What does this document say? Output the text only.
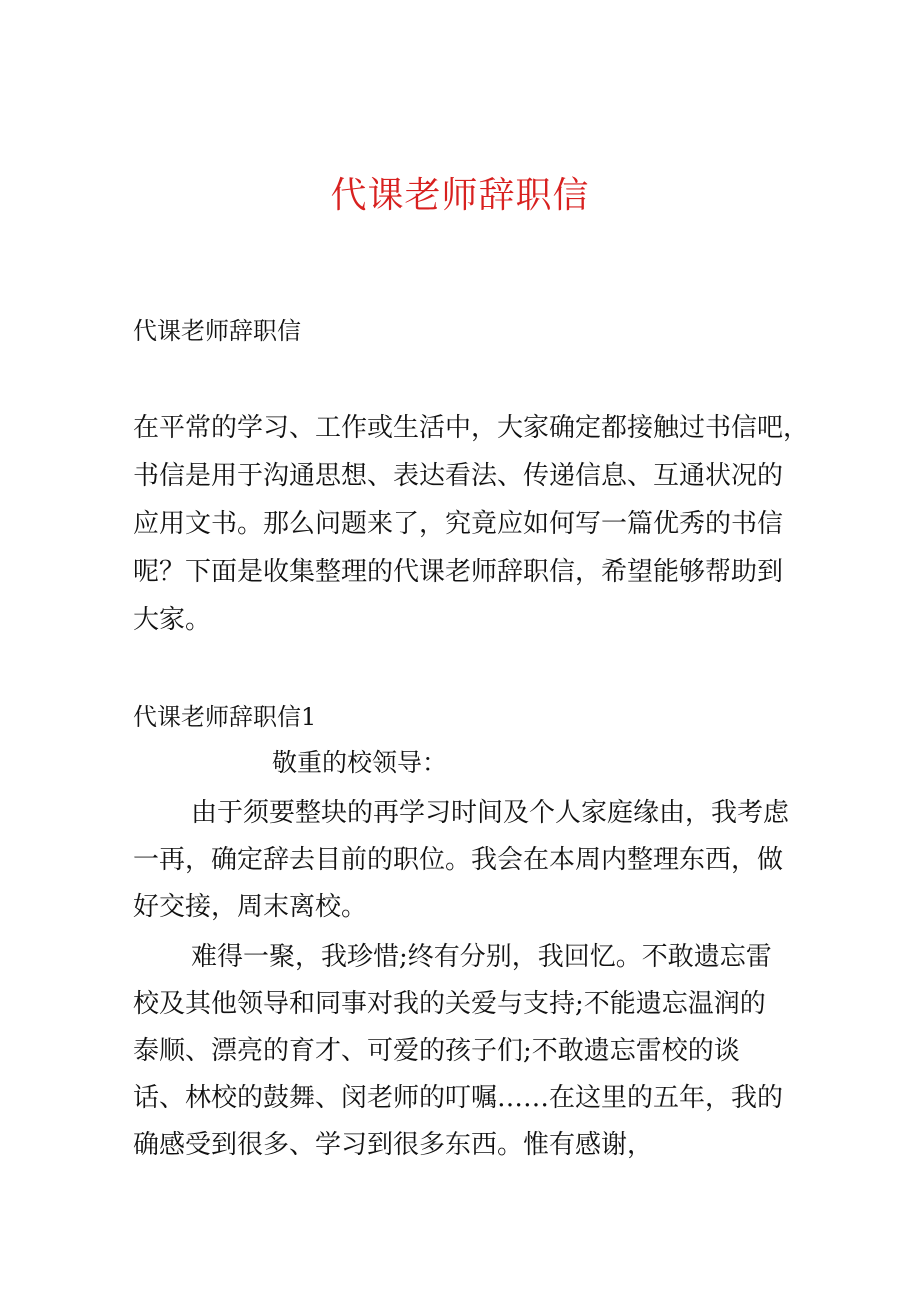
代课老师辞职信
代课老师辞职信
在平常的学习、工作或生活中，大家确定都接触过书信吧，
书信是用于沟通思想、表达看法、传递信息、互通状况的
应用文书。那么问题来了，究竟应如何写一篇优秀的书信
呢？下面是收集整理的代课老师辞职信，希望能够帮助到
大家。
代课老师辞职信1
敬重的校领导：
由于须要整块的再学习时间及个人家庭缘由，我考虑
一再，确定辞去目前的职位。我会在本周内整理东西，做
好交接，周末离校。
难得一聚，我珍惜;终有分别，我回忆。不敢遗忘雷
校及其他领导和同事对我的关爱与支持;不能遗忘温润的
泰顺、漂亮的育才、可爱的孩子们;不敢遗忘雷校的谈
话、林校的鼓舞、闵老师的叮嘱……在这里的五年，我的
确感受到很多、学习到很多东西。惟有感谢，
